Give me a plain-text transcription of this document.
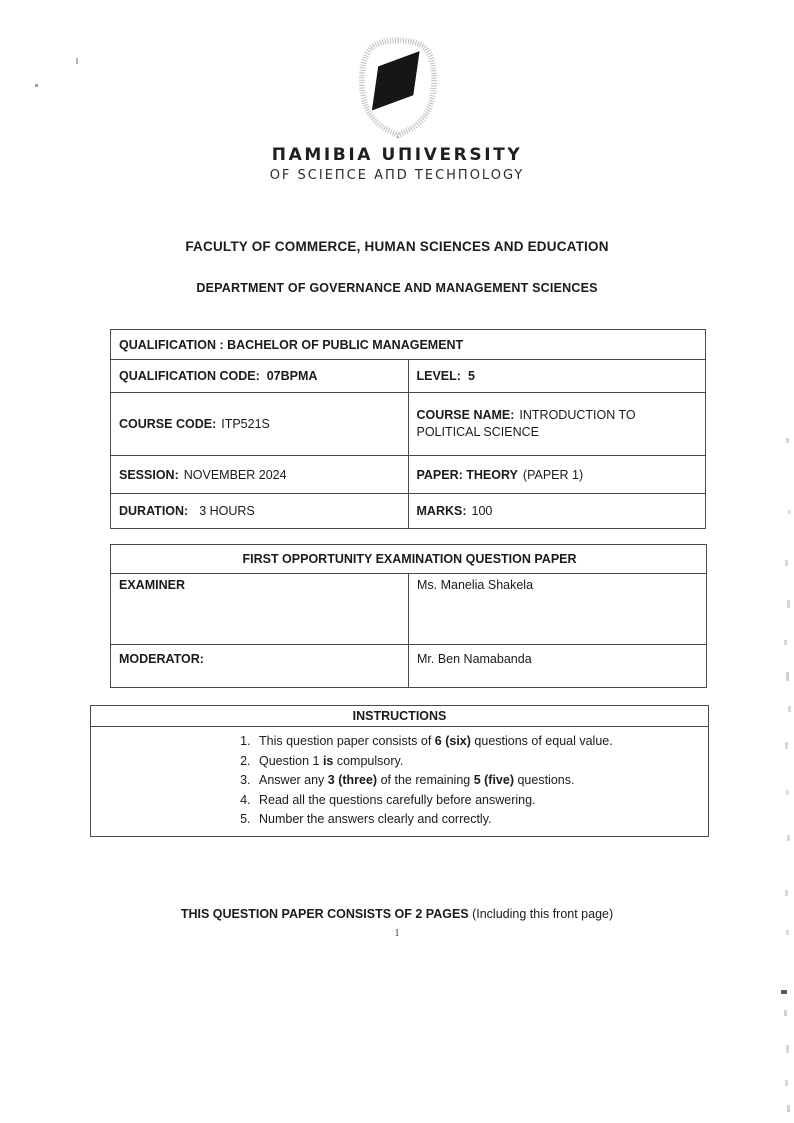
ПAMIBIA UПIVERSITY
OF SCIEПCE AПD TECHПOLOGY
FACULTY OF COMMERCE, HUMAN SCIENCES AND EDUCATION
DEPARTMENT OF GOVERNANCE AND MANAGEMENT SCIENCES
QUALIFICATION : BACHELOR OF PUBLIC MANAGEMENT	
QUALIFICATION CODE: 07BPMA	LEVEL: 5
COURSE CODE: ITP521S	COURSE NAME: INTRODUCTION TO POLITICAL SCIENCE
SESSION: NOVEMBER 2024	PAPER: THEORY (PAPER 1)
DURATION: 3 HOURS	MARKS: 100
FIRST OPPORTUNITY EXAMINATION QUESTION PAPER	
EXAMINER	Ms. Manelia Shakela
MODERATOR:	Mr. Ben Namabanda
INSTRUCTIONS
1. This question paper consists of 6 (six) questions of equal value.
2. Question 1 is compulsory.
3. Answer any 3 (three) of the remaining 5 (five) questions.
4. Read all the questions carefully before answering.
5. Number the answers clearly and correctly.
THIS QUESTION PAPER CONSISTS OF 2 PAGES (Including this front page)
1
